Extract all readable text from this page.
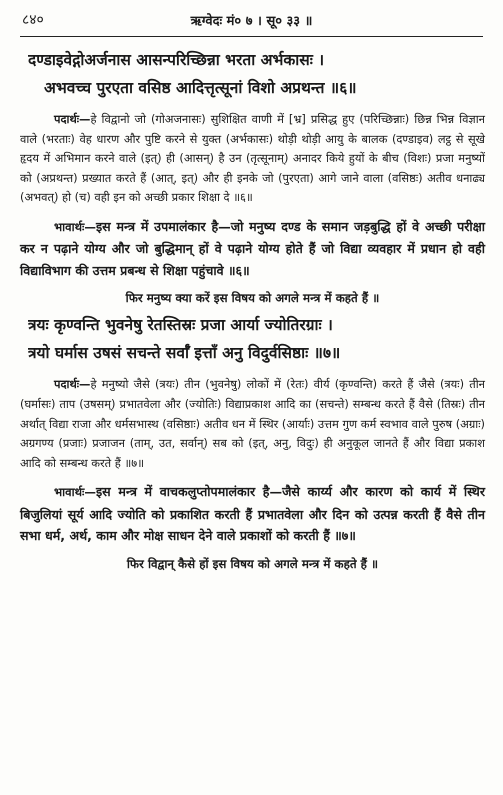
८४०	ऋग्वेदः मं० ७ । सू० ३३ ॥
दण्डाइवेद्गोअर्जनास आसन्परिच्छिन्ना भरता अर्भकासः ।
अभवच्च पुरएता वसिष्ठ आदित्तृत्सूनां विशो अप्रथन्त ॥६॥

पदार्थः—हे विद्वानो जो (गोअजनासः) सुशिक्षित वाणी में [भ्र] प्रसिद्ध हुए (परिच्छिन्नाः) छिन्न भिन्न विज्ञान वाले (भरताः) वेह धारण और पुष्टि करने से युक्त (अर्भकासः) थोड़ी थोड़ी आयु के बालक (दण्डाइव) लट्ठ से सूखे हृदय में अभिमान करने वाले (इत्) ही (आसन्) है उन (तृत्सूनाम्) अनादर किये हुयों के बीच (विशः) प्रजा मनुष्यों को (अप्रथन्त) प्रख्यात करते हैं (आत्, इत्) और ही इनके जो (पुरएता) आगे जाने वाला (वसिष्ठः) अतीव धनाढ्य (अभवत्) हो (च) वही इन को अच्छी प्रकार शिक्षा दे ॥६॥

भावार्थः—इस मन्त्र में उपमालंकार है—जो मनुष्य दण्ड के समान जड़बुद्धि हों वे अच्छी परीक्षा कर न पढ़ाने योग्य और जो बुद्धिमान् हों वे पढ़ाने योग्य होते हैं जो विद्या व्यवहार में प्रधान हो वही विद्याविभाग की उत्तम प्रबन्ध से शिक्षा पहुंचावे ॥६॥

फिर मनुष्य क्या करें इस विषय को अगले मन्त्र में कहते हैं ॥
त्रयः कृण्वन्ति भुवनेषु रेतस्तिस्रः प्रजा आर्या ज्योतिरग्राः ।
त्रयो घर्मास उषसं सचन्ते सर्वाँ इत्ताँ अनु विदुर्वसिष्ठाः ॥७॥

पदार्थः—हे मनुष्यो जैसे (त्रयः) तीन (भुवनेषु) लोकों में (रेतः) वीर्य (कृण्वन्ति) करते हैं जैसे (त्रयः) तीन (घर्मासः) ताप (उषसम्) प्रभातवेला और (ज्योतिः) विद्याप्रकाश आदि का (सचन्ते) सम्बन्ध करते हैं वैसे (तिस्रः) तीन अर्थात् विद्या राजा और धर्मसभास्थ (वसिष्ठाः) अतीव धन में स्थिर (आर्याः) उत्तम गुण कर्म स्वभाव वाले पुरुष (अग्राः) अग्रगण्य (प्रजाः) प्रजाजन (ताम्, उत, सर्वान्) सब को (इत्, अनु, विदुः) ही अनुकूल जानते हैं और विद्या प्रकाश आदि को सम्बन्ध करते हैं ॥७॥

भावार्थः—इस मन्त्र में वाचकलुप्तोपमालंकार है—जैसे कार्य्य और कारण को कार्य में स्थिर बिजुलियां सूर्य आदि ज्योति को प्रकाशित करती हैं प्रभातवेला और दिन को उत्पन्न करती हैं वैसे तीन सभा धर्म, अर्थ, काम और मोक्ष साधन देने वाले प्रकाशों को करती हैं ॥७॥

फिर विद्वान् कैसे हों इस विषय को अगले मन्त्र में कहते हैं ॥
